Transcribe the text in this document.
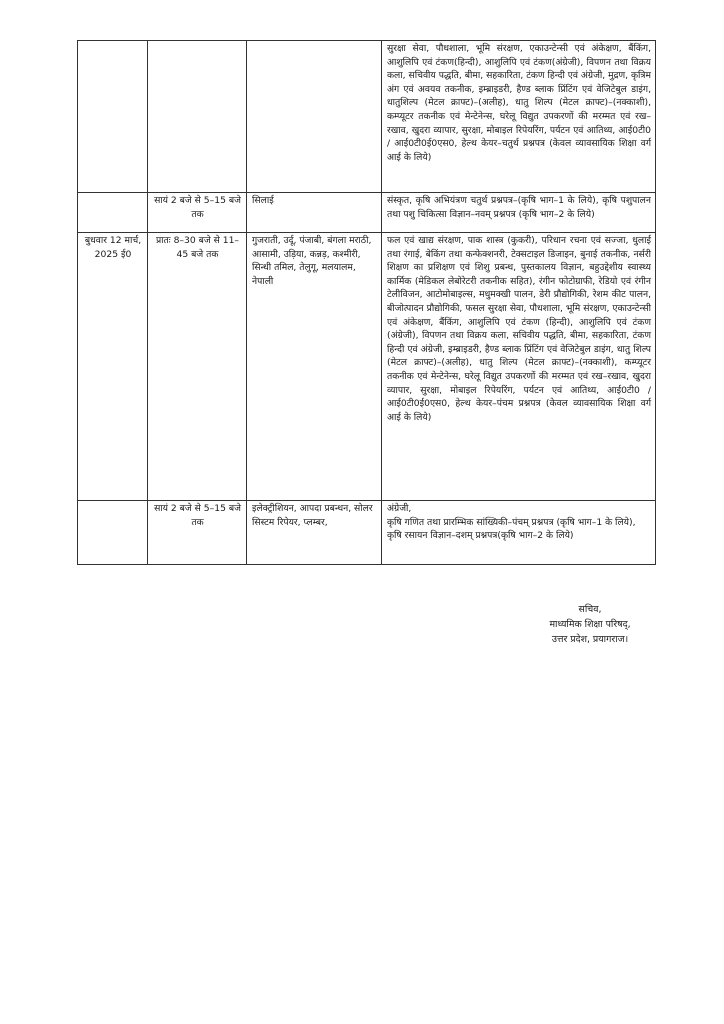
			सुरक्षा सेवा, पौधशाला, भूमि संरक्षण, एकाउन्टेन्सी एवं अंकेक्षण, बैंकिंग, आशुलिपि एवं टंकण(हिन्दी), आशुलिपि एवं टंकण(अंग्रेजी), विपणन तथा विक्रय कला, सचिवीय पद्धति, बीमा, सहकारिता, टंकण हिन्दी एवं अंग्रेजी, मुद्रण, कृत्रिम अंग एवं अवयव तकनीक, इम्ब्राइडरी, हैण्ड ब्लाक प्रिंटिंग एवं वेजिटेबुल डाइंग, धातुशिल्प (मेटल क्राफ्ट)–(अलीह), धातु शिल्प (मेटल क्राफ्ट)–(नक्काशी), कम्प्यूटर तकनीक एवं मेन्टेनेन्स, घरेलू विद्युत उपकरणों की मरम्मत एवं रख–रखाव, खुदरा व्यापार, सुरक्षा, मोबाइल रिपेयरिंग, पर्यटन एवं आतिथ्य, आई0टी0 / आई0टी0ई0एस0, हेल्थ केयर–चतुर्थ प्रश्नपत्र (केवल व्यावसायिक शिक्षा वर्ग आई के लिये)
	सायं 2 बजे से 5–15 बजे तक	सिलाई	संस्कृत, कृषि अभियंत्रण चतुर्थ प्रश्नपत्र–(कृषि भाग–1 के लिये), कृषि पशुपालन तथा पशु चिकित्सा विज्ञान–नवम् प्रश्नपत्र (कृषि भाग–2 के लिये)
बुधवार 12 मार्च, 2025 ई0	प्रातः 8–30 बजे से 11–45 बजे तक	गुजराती, उर्दू, पंजाबी, बंगला मराठी, आसामी, उड़िया, कन्नड़, कश्मीरी, सिन्धी तमिल, तेलुगू, मलयालम, नेपाली	फल एवं खाद्य संरक्षण, पाक शास्त्र (कुकरी), परिधान रचना एवं सज्जा, धुलाई तथा रंगाई, बेकिंग तथा कन्फेक्शनरी, टेक्सटाइल डिजाइन, बुनाई तकनीक, नर्सरी शिक्षण का प्रशिक्षण एवं शिशु प्रबन्ध, पुस्तकालय विज्ञान, बहुउद्देशीय स्वास्थ्य कार्मिक (मेडिकल लेबोरेटरी तकनीक सहित), रंगीन फोटोग्राफी, रेडियो एवं रंगीन टेलीविजन, आटोमोबाइल्स, मधुमक्खी पालन, डेरी प्रौद्योगिकी, रेशम कीट पालन, बीजोत्पादन प्रौद्योगिकी, फसल सुरक्षा सेवा, पौधशाला, भूमि संरक्षण, एकाउन्टेन्सी एवं अंकेक्षण, बैंकिंग, आशुलिपि एवं टंकण (हिन्दी), आशुलिपि एवं टंकण (अंग्रेजी), विपणन तथा विक्रय कला, सचिवीय पद्धति, बीमा, सहकारिता, टंकण हिन्दी एवं अंग्रेजी, इम्ब्राइडरी, हैण्ड ब्लाक प्रिंटिंग एवं वेजिटेबुल डाइंग, धातु शिल्प (मेटल क्राफ्ट)–(अलीह), धातु शिल्प (मेटल क्राफ्ट)–(नक्काशी), कम्प्यूटर तकनीक एवं मेन्टेनेन्स, घरेलू विद्युत उपकरणों की मरम्मत एवं रख–रखाव, खुदरा व्यापार, सुरक्षा, मोबाइल रिपेयरिंग, पर्यटन एवं आतिथ्य, आई0टी0 / आई0टी0ई0एस0, हेल्थ केयर–पंचम प्रश्नपत्र (केवल व्यावसायिक शिक्षा वर्ग आई के लिये)
	सायं 2 बजे से 5–15 बजे तक	इलेक्ट्रीशियन, आपदा प्रबन्धन, सोलर सिस्टम रिपेयर, प्लम्बर,	अंग्रेजी,
कृषि गणित तथा प्रारम्भिक सांख्यिकी–पंचम् प्रश्नपत्र (कृषि भाग–1 के लिये),
कृषि रसायन विज्ञान–दशम् प्रश्नपत्र(कृषि भाग–2 के लिये)
सचिव,
माध्यमिक शिक्षा परिषद्,
उत्तर प्रदेश, प्रयागराज।
